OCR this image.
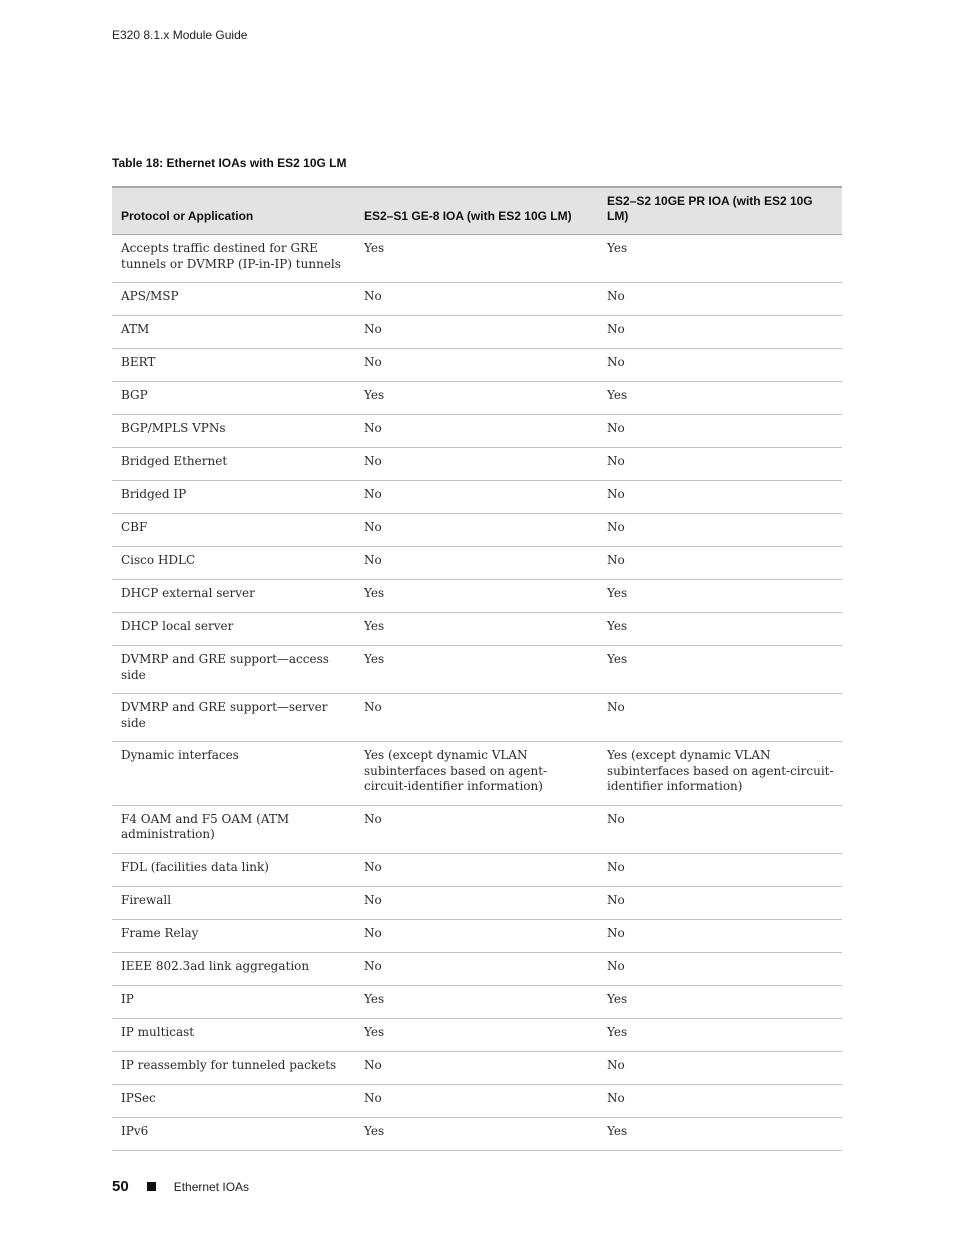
E320 8.1.x Module Guide
Table 18: Ethernet IOAs with ES2 10G LM
Protocol or Application	ES2–S1 GE-8 IOA (with ES2 10G LM)	ES2–S2 10GE PR IOA (with ES2 10G LM)
Accepts traffic destined for GRE tunnels or DVMRP (IP-in-IP) tunnels	Yes	Yes
APS/MSP	No	No
ATM	No	No
BERT	No	No
BGP	Yes	Yes
BGP/MPLS VPNs	No	No
Bridged Ethernet	No	No
Bridged IP	No	No
CBF	No	No
Cisco HDLC	No	No
DHCP external server	Yes	Yes
DHCP local server	Yes	Yes
DVMRP and GRE support—access side	Yes	Yes
DVMRP and GRE support—server side	No	No
Dynamic interfaces	Yes (except dynamic VLAN subinterfaces based on agent-circuit-identifier information)	Yes (except dynamic VLAN subinterfaces based on agent-circuit-identifier information)
F4 OAM and F5 OAM (ATM administration)	No	No
FDL (facilities data link)	No	No
Firewall	No	No
Frame Relay	No	No
IEEE 802.3ad link aggregation	No	No
IP	Yes	Yes
IP multicast	Yes	Yes
IP reassembly for tunneled packets	No	No
IPSec	No	No
IPv6	Yes	Yes
50	Ethernet IOAs
